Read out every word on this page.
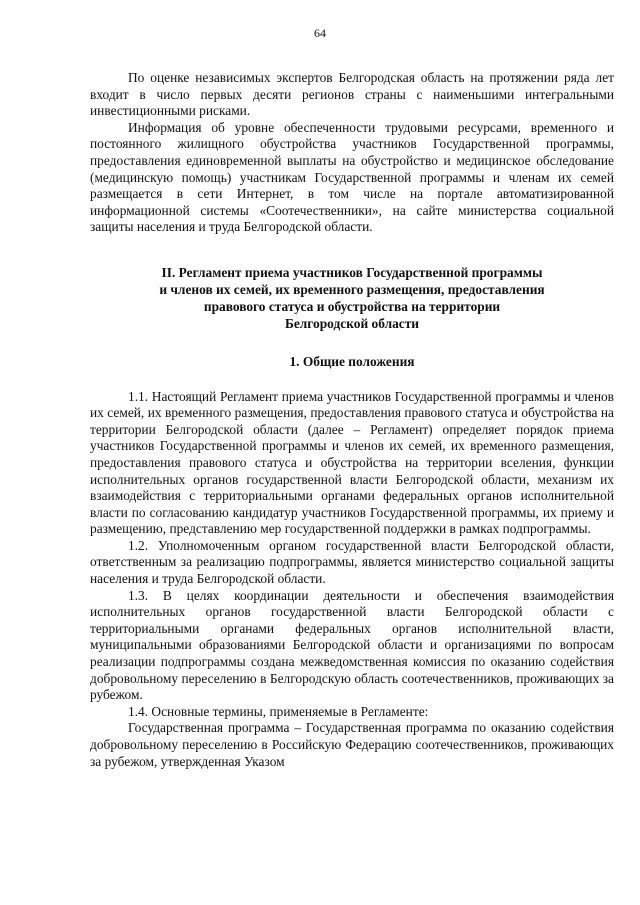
64

По оценке независимых экспертов Белгородская область на протяжении ряда лет входит в число первых десяти регионов страны с наименьшими интегральными инвестиционными рисками.

Информация об уровне обеспеченности трудовыми ресурсами, временного и постоянного жилищного обустройства участников Государственной программы, предоставления единовременной выплаты на обустройство и медицинское обследование (медицинскую помощь) участникам Государственной программы и членам их семей размещается в сети Интернет, в том числе на портале автоматизированной информационной системы «Соотечественники», на сайте министерства социальной защиты населения и труда Белгородской области.

II. Регламент приема участников Государственной программы
и членов их семей, их временного размещения, предоставления
правового статуса и обустройства на территории
Белгородской области
1. Общие положения

1.1. Настоящий Регламент приема участников Государственной программы и членов их семей, их временного размещения, предоставления правового статуса и обустройства на территории Белгородской области (далее – Регламент) определяет порядок приема участников Государственной программы и членов их семей, их временного размещения, предоставления правового статуса и обустройства на территории вселения, функции исполнительных органов государственной власти Белгородской области, механизм их взаимодействия с территориальными органами федеральных органов исполнительной власти по согласованию кандидатур участников Государственной программы, их приему и размещению, представлению мер государственной поддержки в рамках подпрограммы.

1.2. Уполномоченным органом государственной власти Белгородской области, ответственным за реализацию подпрограммы, является министерство социальной защиты населения и труда Белгородской области.

1.3. В целях координации деятельности и обеспечения взаимодействия исполнительных органов государственной власти Белгородской области с территориальными органами федеральных органов исполнительной власти, муниципальными образованиями Белгородской области и организациями по вопросам реализации подпрограммы создана межведомственная комиссия по оказанию содействия добровольному переселению в Белгородскую область соотечественников, проживающих за рубежом.

1.4. Основные термины, применяемые в Регламенте:

Государственная программа – Государственная программа по оказанию содействия добровольному переселению в Российскую Федерацию соотечественников, проживающих за рубежом, утвержденная Указом
